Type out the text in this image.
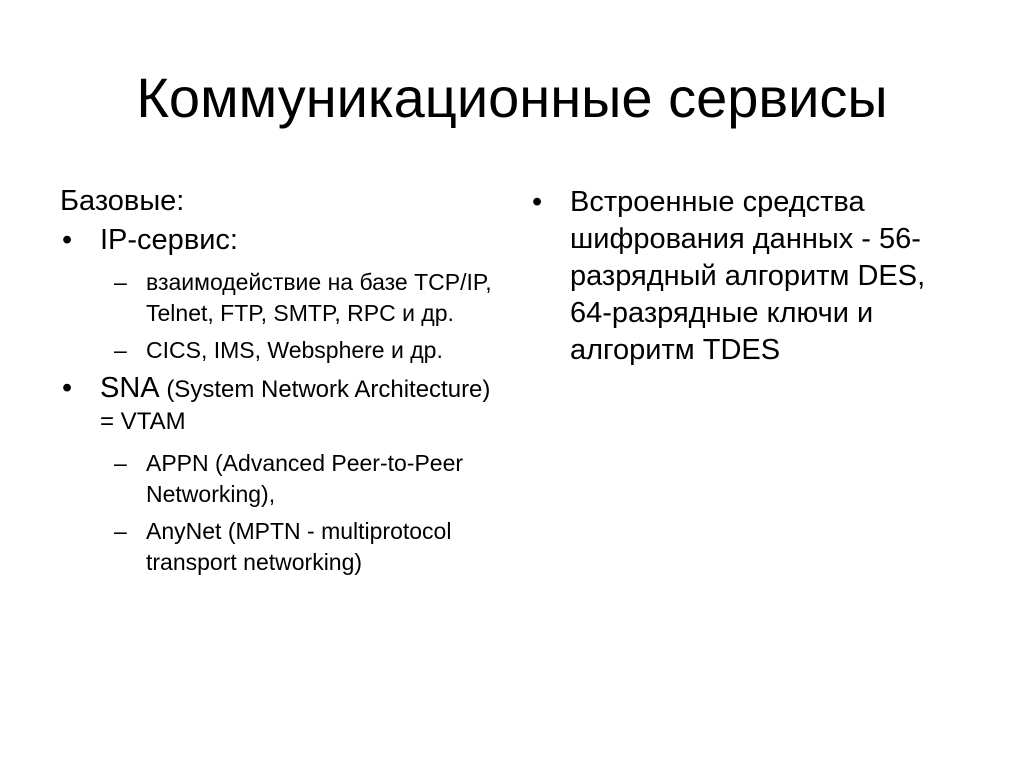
Коммуникационные сервисы
Базовые:
• IP-сервис:
– взаимодействие на базе TCP/IP, Telnet, FTP, SMTP, RPC и др.
– CICS, IMS, Websphere и др.
• SNA (System Network Architecture) = VTAM
– APPN (Advanced Peer-to-Peer Networking),
– AnyNet (MPTN - multiprotocol transport networking)
• Встроенные средства шифрования данных - 56-разрядный алгоритм DES, 64-разрядные ключи и алгоритм TDES
